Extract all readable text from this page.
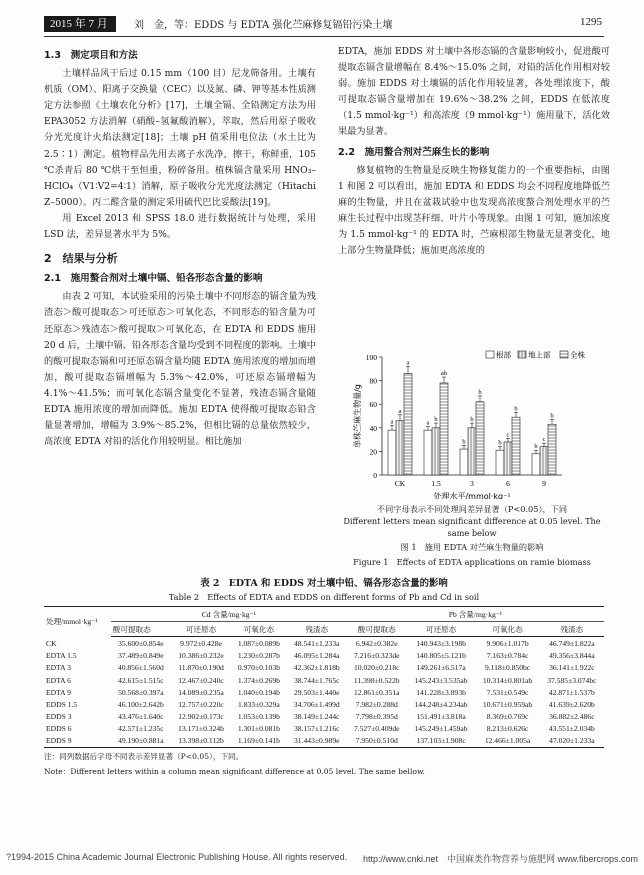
2015 年 7 月	刘　金，等：EDDS 与 EDTA 强化苎麻修复镉铅污染土壤	1295
1.3　测定项目和方法

土壤样品风干后过 0.15 mm（100 目）尼龙筛备用。土壤有机质（OM）、阳离子交换量（CEC）以及氮、磷、钾等基本性质测定方法参照《土壤农化分析》[17]，土壤全镉、全铅测定方法为用 EPA3052 方法消解（硝酸–氢氟酸消解），萃取，然后用原子吸收分光光度计火焰法测定[18]；土壤 pH 值采用电位法（水土比为 2.5∶1）测定。植物样品先用去离子水洗净，擦干，称鲜重，105 ℃杀青后 80 ℃烘干至恒重，粉碎备用。植株镉含量采用 HNO₃–HClO₄（V1∶V2=4∶1）消解，原子吸收分光光度法测定（Hitachi Z–5000）。丙二醛含量的测定采用硫代巴比妥酸法[19]。

用 Excel 2013 和 SPSS 18.0 进行数据统计与处理，采用 LSD 法，差异显著水平为 5%。

2　结果与分析
2.1　施用螯合剂对土壤中镉、铅各形态含量的影响

由表 2 可知，本试验采用的污染土壤中不同形态的镉含量为残渣态＞酸可提取态＞可还原态＞可氧化态，不同形态的铅含量为可还原态＞残渣态＞酸可提取＞可氧化态，在 EDTA 和 EDDS 施用 20 d 后，土壤中镉、铅各形态含量均受到不同程度的影响。土壤中的酸可提取态镉和可还原态镉含量均随 EDTA 施用浓度的增加而增加，酸可提取态镉增幅为 5.3%～42.0%，可还原态镉增幅为 4.1%～41.5%；而可氧化态镉含量变化不显著，残渣态镉含量随 EDTA 施用浓度的增加而降低。施加 EDTA 使得酸可提取态铅含量显著增加，增幅为 3.9%～85.2%，但相比镉的总量依然较少，高浓度 EDTA 对铅的活化作用较明显。相比施加

EDTA，施加 EDDS 对土壤中各形态镉的含量影响较小，促进酸可提取态镉含量增幅在 8.4%～15.0% 之间，对铅的活化作用相对较弱。施加 EDDS 对土壤镉的活化作用较显著，各处理浓度下，酸可提取态镉含量增加在 19.6%～38.2% 之间，EDDS 在低浓度（1.5 mmol·kg⁻¹）和高浓度（9 mmol·kg⁻¹）施用量下，活化效果最为显著。

2.2　施用螯合剂对苎麻生长的影响

修复植物的生物量是反映生物修复能力的一个重要指标，由图 1 和图 2 可以看出，施加 EDTA 和 EDDS 均会不同程度地降低苎麻的生物量，并且在盆栽试验中也发现高浓度螯合剂处理水平的苎麻生长过程中出现茎秆细、叶片小等现象。由图 1 可知，施加浓度为 1.5 mmol·kg⁻¹ 的 EDTA 时，苎麻根部生物量无显著变化，地上部分生物量降低；施加更高浓度的

0
20
40
60
80
100
单株苎麻生物量/g
处理水平/mmol·kg⁻¹
CK
a
a
a
1.5
a
b
ab
3
b
b
b
6
b
c
b
9
b
c
b
根部 地上部	全株
不同字母表示不同处理间差异显著（P<0.05），下同
Different letters mean significant difference at 0.05 level. The same below
图 1　施用 EDTA 对苎麻生物量的影响
Figure 1　Effects of EDTA applications on ramie biomass
表 2　EDTA 和 EDDS 对土壤中铅、镉各形态含量的影响
Table 2　Effects of EDTA and EDDS on different forms of Pb and Cd in soil
处理/mmol·kg⁻¹	Cd 含量/mg·kg⁻¹				Pb 含量/mg·kg⁻¹			
	酸可提取态	可还原态	可氧化态	残渣态	酸可提取态	可还原态	可氧化态	残渣态
CK	35.600±0.854e	9.972±0.428e	1.087±0.089b	48.541±1.233a	6.942±0.382e	140.943±3.198b	9.906±1.017b	46.749±1.822a
EDTA 1.5	37.489±0.849e	10.386±0.232e	1.230±0.287b	46.095±1.284a	7.216±0.323de	140.805±5.121b	7.163±0.784c	49.356±3.844a
EDTA 3	40.856±1.560d	11.870±0.190d	0.970±0.103b	42.362±1.818b	10.020±0.218c	149.261±6.517a	9.118±0.850bc	36.141±1.922c
EDTA 6	42.615±1.515c	12.467±0.240c	1.374±0.269b	38.744±1.765c	11.398±0.522b	145.243±3.535ab	10.314±0.801ab	37.585±3.074bc
EDTA 9	50.568±0.397a	14.089±0.235a	1.040±0.194b	29.503±1.440e	12.861±0.351a	141.228±3.893b	7.531±0.549c	42.871±1.537b
EDDS 1.5	46.100±2.642b	12.757±0.220c	1.833±0.329a	34.706±1.499d	7.982±0.288d	144.248±4.234ab	10.671±0.959ab	41.639±2.620b
EDDS 3	43.476±1.640c	12.902±0.173c	1.053±0.139b	38.149±1.244c	7.798±0.395d	151.491±3.818a	8.369±0.769c	36.882±2.486c
EDDS 6	42.571±1.235c	13.171±0.324b	1.301±0.081b	38.157±1.216c	7.527±0.409de	145.249±1.459ab	8.213±0.626c	43.551±2.034b
EDDS 9	49.190±0.881a	13.398±0.112b	1.169±0.141b	31.443±0.989e	7.950±0.510d	137.103±1.908c	12.466±1.005a	47.020±1.233a
注：同列数据后字母不同表示差异显著（P<0.05），下同。
Note：Different letters within a column mean significant difference at 0.05 level. The same bellow.
?1994-2015 China Academic Journal Electronic Publishing House. All rights reserved. http://www.cnki.net　中国麻类作物营养与施肥网 www.fibercrops.com
